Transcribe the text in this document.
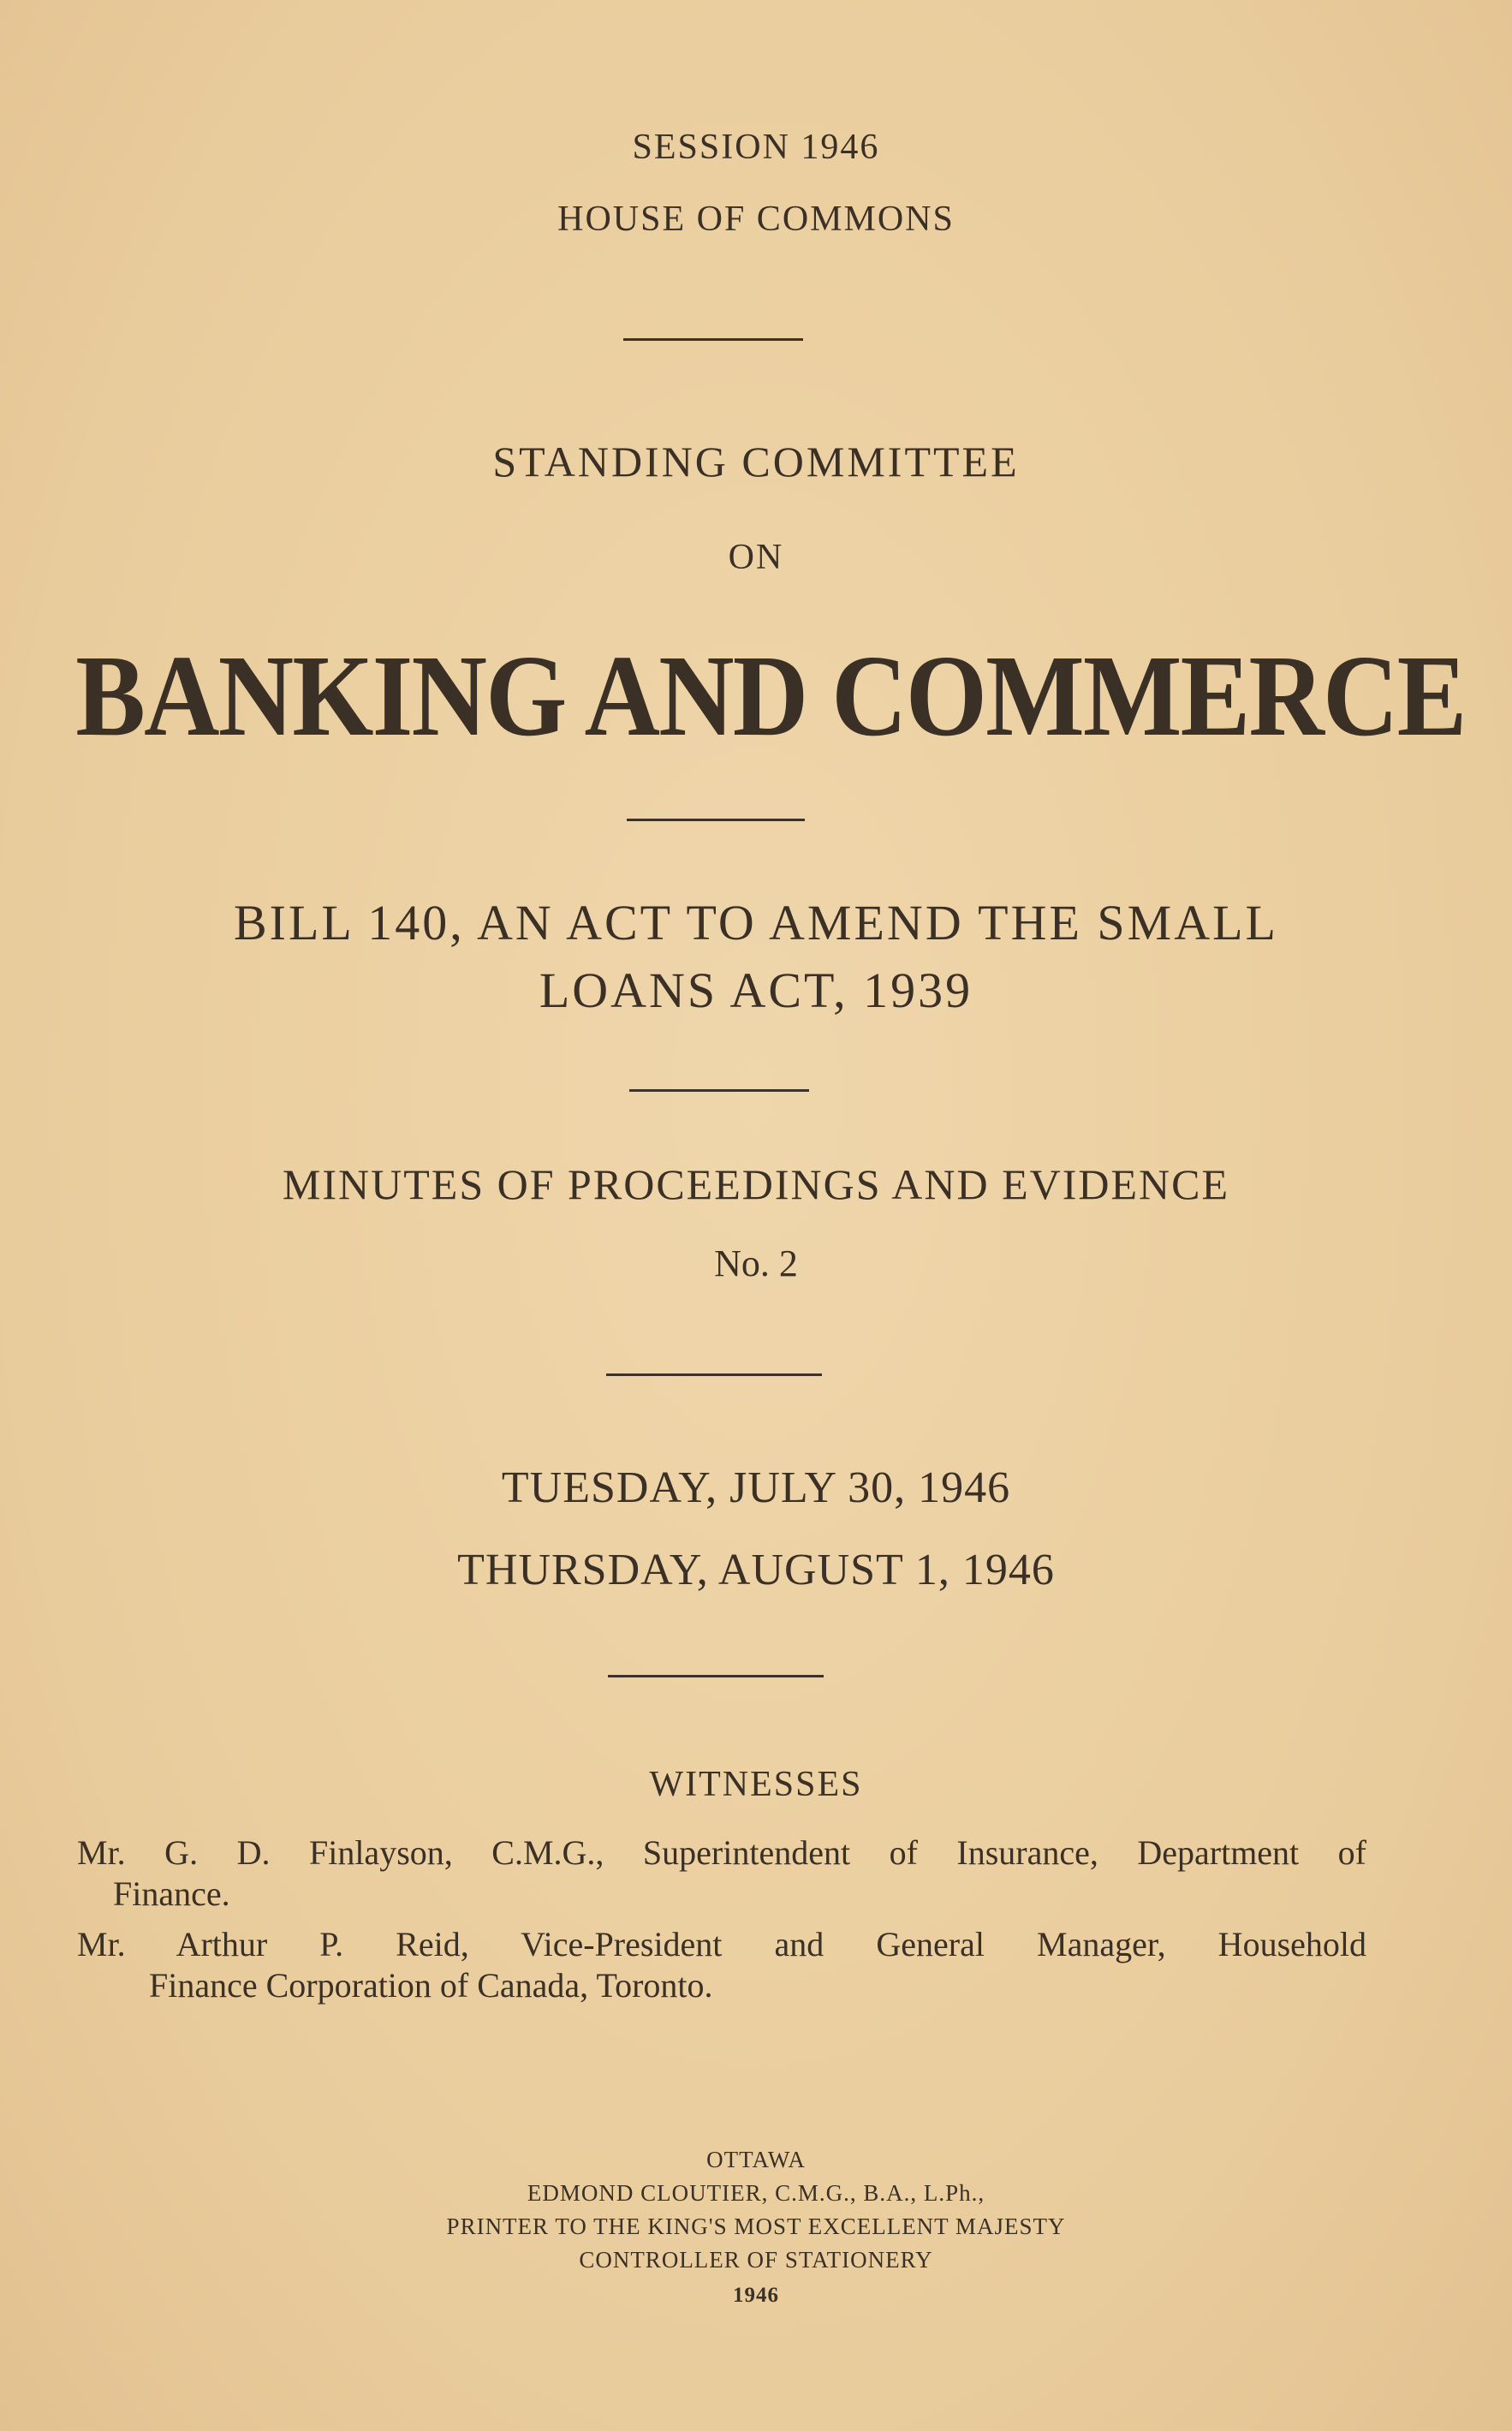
SESSION 1946
HOUSE OF COMMONS
STANDING COMMITTEE
ON
BANKING AND COMMERCE
BILL 140, AN ACT TO AMEND THE SMALL
LOANS ACT, 1939
MINUTES OF PROCEEDINGS AND EVIDENCE
No. 2
TUESDAY, JULY 30, 1946
THURSDAY, AUGUST 1, 1946
WITNESSES
Mr. G. D. Finlayson, C.M.G., Superintendent of Insurance, Department of
Finance.
Mr. Arthur P. Reid, Vice-President and General Manager, Household
Finance Corporation of Canada, Toronto.
OTTAWA
EDMOND CLOUTIER, C.M.G., B.A., L.Ph.,
PRINTER TO THE KING'S MOST EXCELLENT MAJESTY
CONTROLLER OF STATIONERY
1946
